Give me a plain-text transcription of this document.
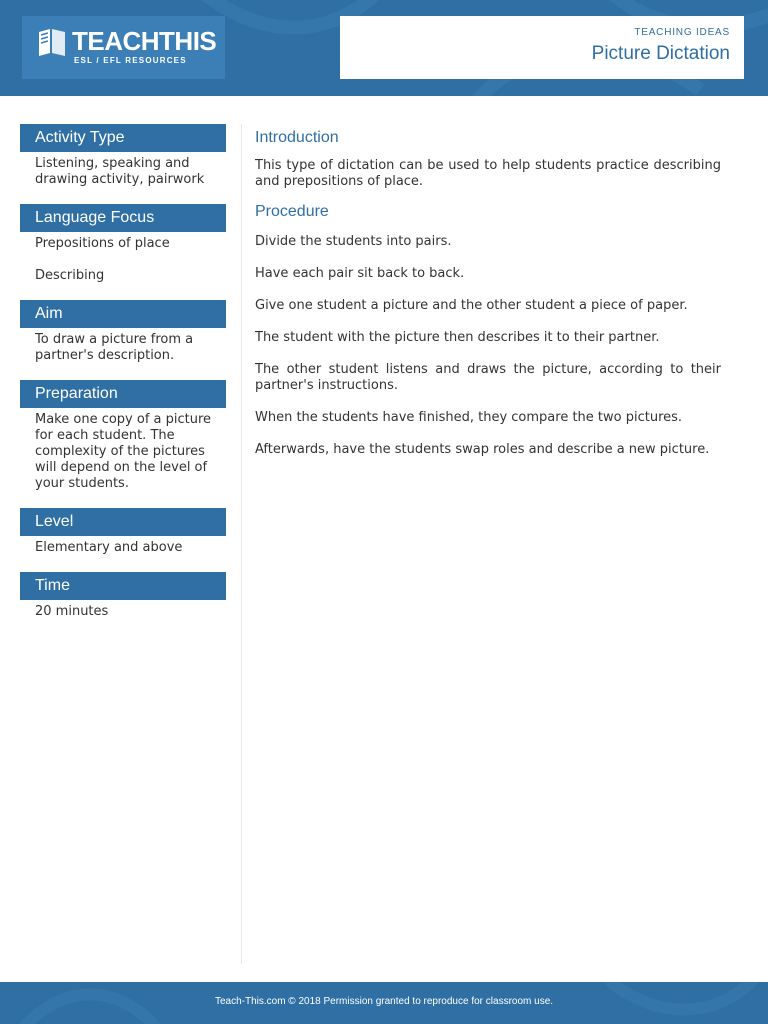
TEACHTHIS
ESL / EFL RESOURCES
TEACHING IDEAS
Picture Dictation
Activity Type

Listening, speaking and drawing activity, pairwork

Language Focus

Prepositions of place

Describing

Aim

To draw a picture from a partner's description.

Preparation

Make one copy of a picture for each student. The complexity of the pictures will depend on the level of your students.

Level

Elementary and above

Time

20 minutes

Introduction

This type of dictation can be used to help students practice describing and prepositions of place.

Procedure
Divide the students into pairs.
Have each pair sit back to back.
Give one student a picture and the other student a piece of paper.
The student with the picture then describes it to their partner.
The other student listens and draws the picture, according to their partner's instructions.
When the students have finished, they compare the two pictures.
Afterwards, have the students swap roles and describe a new picture.
Teach-This.com © 2018 Permission granted to reproduce for classroom use.
